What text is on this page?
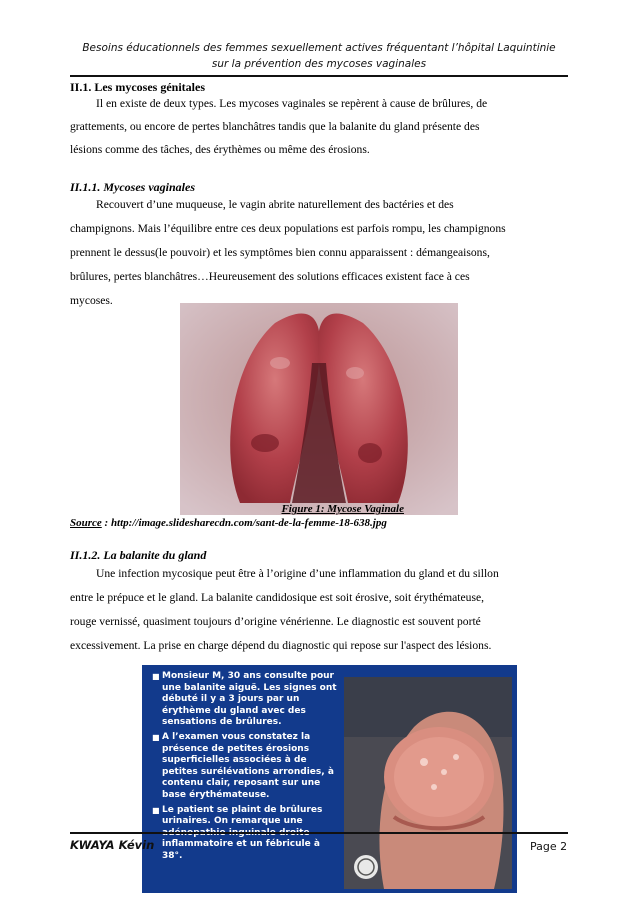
Besoins éducationnels des femmes sexuellement actives fréquentant l’hôpital Laquintinie
sur la prévention des mycoses vaginales
II.1. Les mycoses génitales
Il en existe de deux types. Les mycoses vaginales se repèrent à cause de brûlures, de
grattements, ou encore de pertes blanchâtres tandis que la balanite du gland présente des
lésions comme des tâches, des érythèmes ou même des érosions.
II.1.1. Mycoses vaginales
Recouvert d’une muqueuse, le vagin abrite naturellement des bactéries et des
champignons. Mais l’équilibre entre ces deux populations est parfois rompu, les champignons
prennent le dessus(le pouvoir) et les symptômes bien connu apparaissent : démangeaisons,
brûlures, pertes blanchâtres…Heureusement des solutions efficaces existent face à ces
mycoses.
Figure 1: Mycose Vaginale
Source : http://image.slidesharecdn.com/sant-de-la-femme-18-638.jpg
II.1.2. La balanite du gland
Une infection mycosique peut être à l’origine d’une inflammation du gland et du sillon
entre le prépuce et le gland. La balanite candidosique est soit érosive, soit érythémateuse,
rouge vernissé, quasiment toujours d’origine vénérienne. Le diagnostic est souvent porté
excessivement. La prise en charge dépend du diagnostic qui repose sur l'aspect des lésions.
■ Monsieur M, 30 ans consulte pour une balanite aiguë. Les signes ont débuté il y a 3 jours par un érythème du gland avec des sensations de brûlures.
■ A l’examen vous constatez la présence de petites érosions superficielles associées à de petites surélévations arrondies, à contenu clair, reposant sur une base érythémateuse.
■ Le patient se plaint de brûlures urinaires. On remarque une adénopathie inguinale droite inflammatoire et un fébricule à 38°.
KWAYA Kévin	Page 2
